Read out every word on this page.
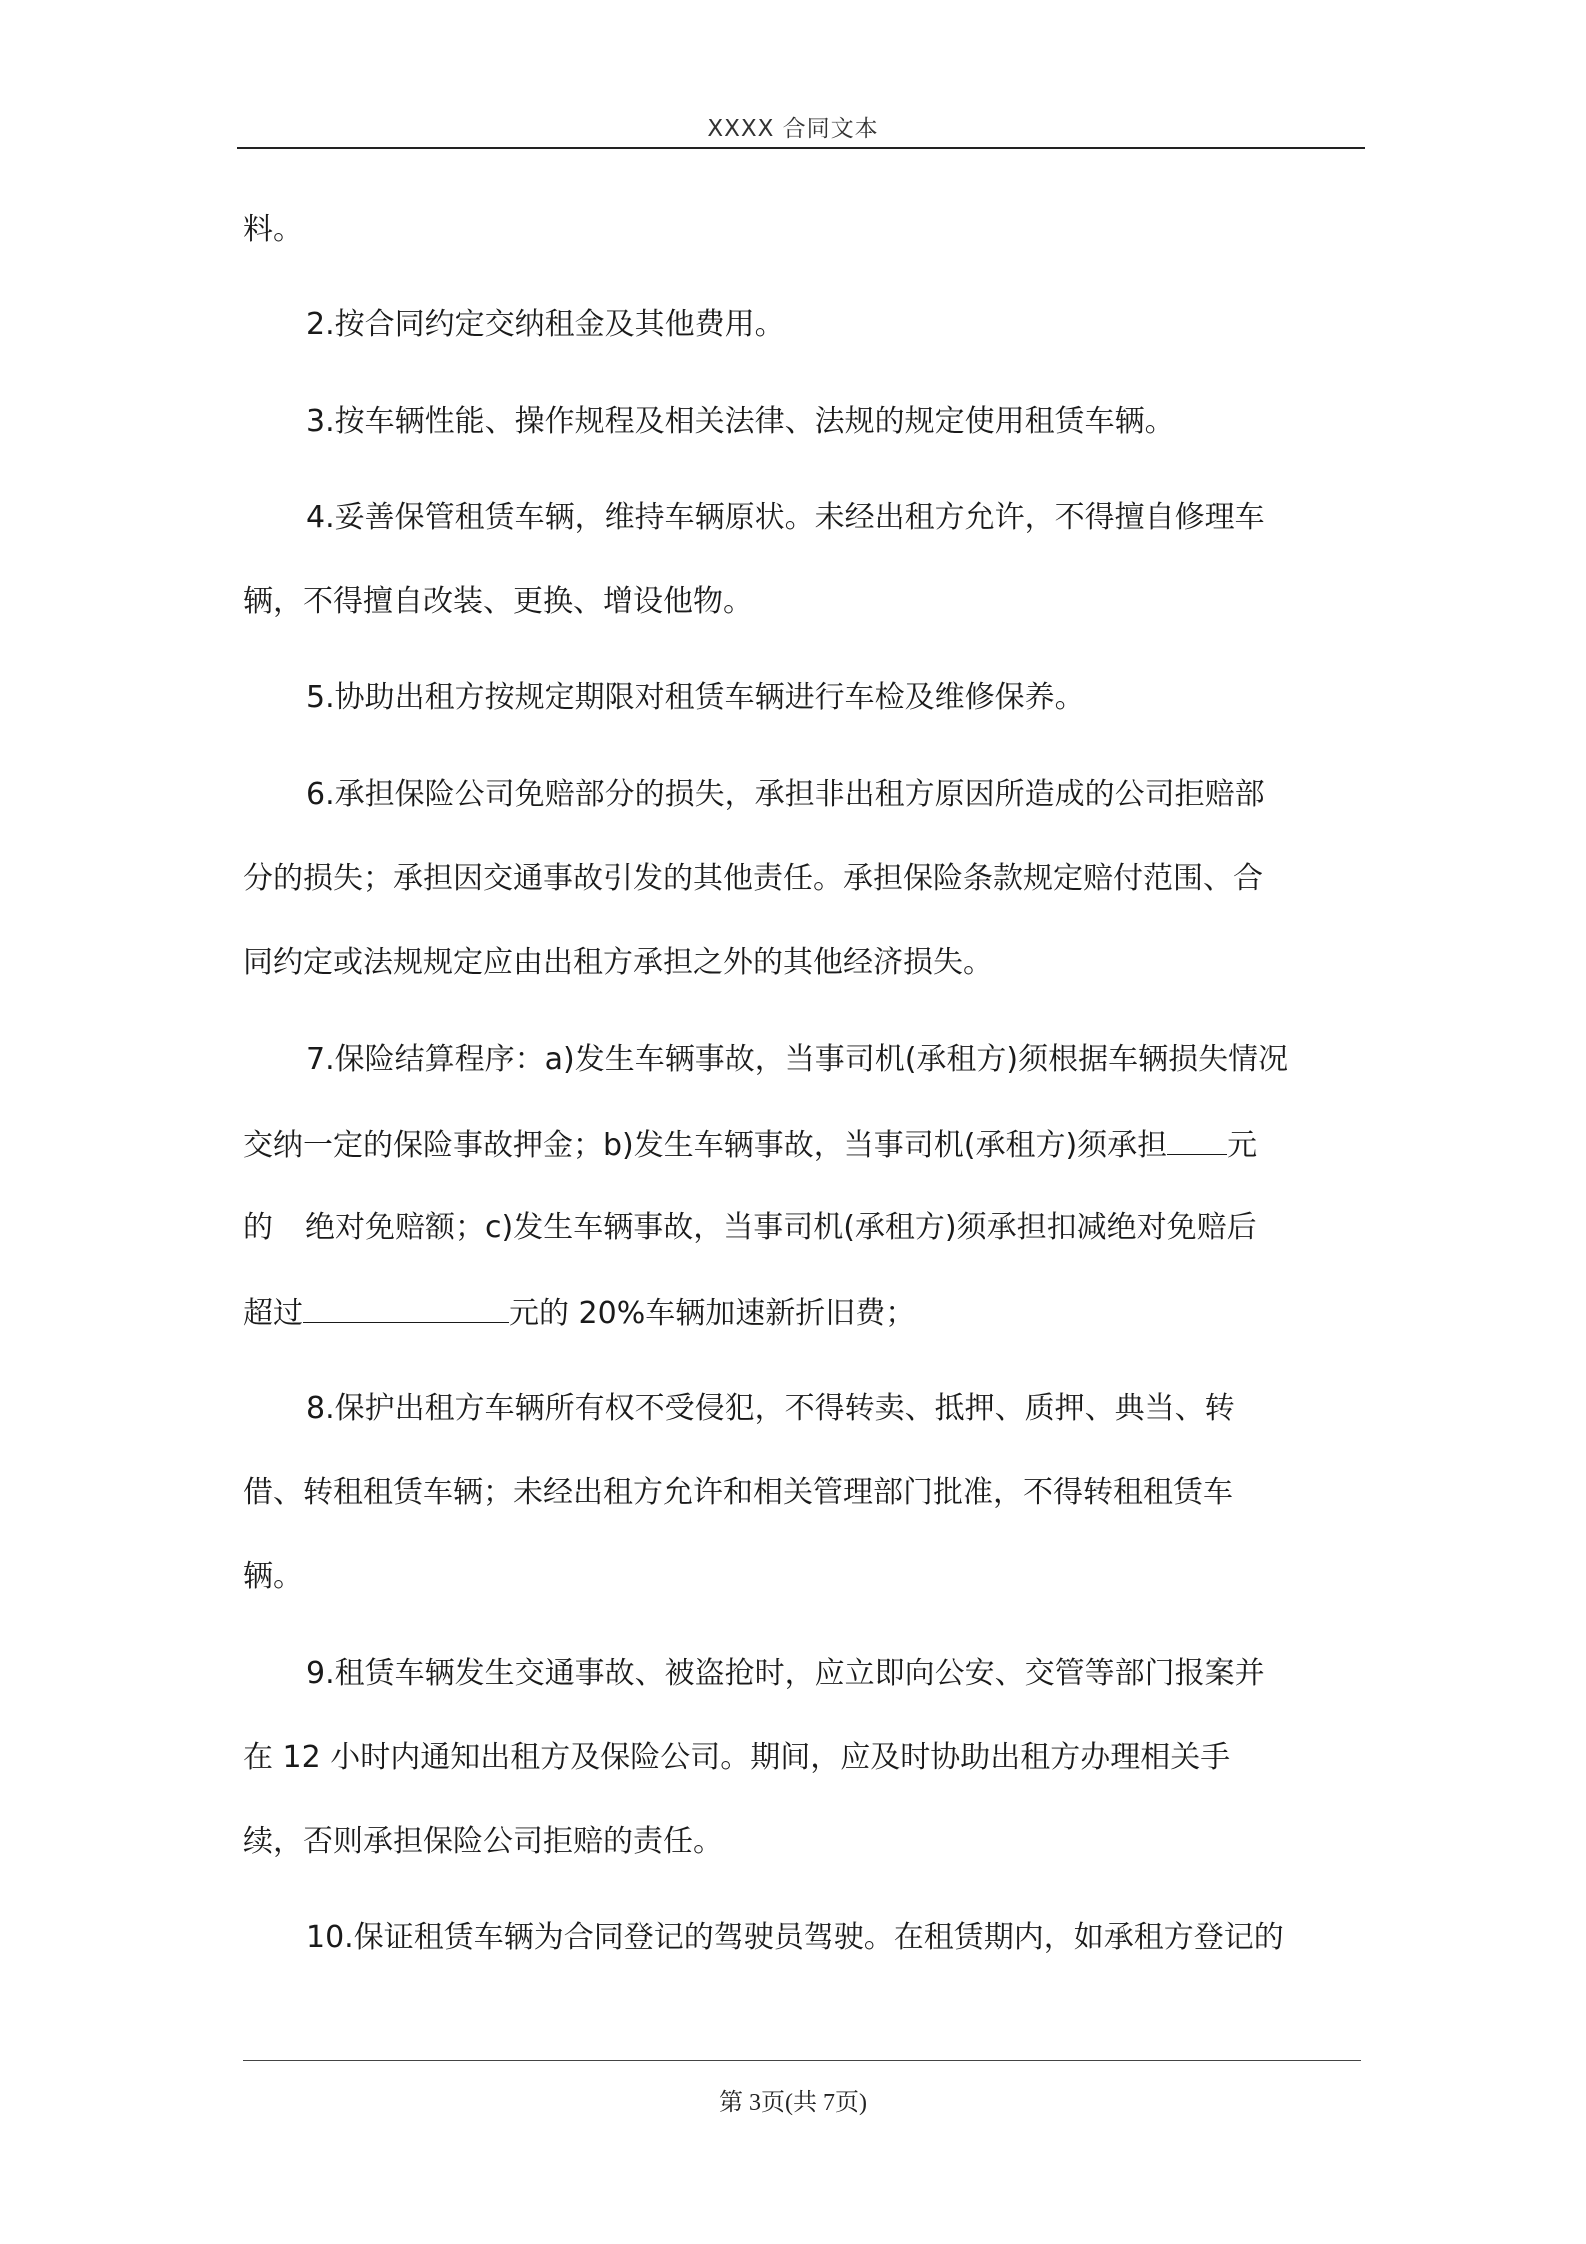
XXXX 合同文本
料。
2.按合同约定交纳租金及其他费用。
3.按车辆性能、操作规程及相关法律、法规的规定使用租赁车辆。
4.妥善保管租赁车辆，维持车辆原状。未经出租方允许，不得擅自修理车
辆，不得擅自改装、更换、增设他物。
5.协助出租方按规定期限对租赁车辆进行车检及维修保养。
6.承担保险公司免赔部分的损失，承担非出租方原因所造成的公司拒赔部
分的损失；承担因交通事故引发的其他责任。承担保险条款规定赔付范围、合
同约定或法规规定应由出租方承担之外的其他经济损失。
7.保险结算程序：a)发生车辆事故，当事司机(承租方)须根据车辆损失情况
交纳一定的保险事故押金；b)发生车辆事故，当事司机(承租方)须承担 元
的 绝对免赔额；c)发生车辆事故，当事司机(承租方)须承担扣减绝对免赔后
超过	元的 20%车辆加速新折旧费；
8.保护出租方车辆所有权不受侵犯，不得转卖、抵押、质押、典当、转
借、转租租赁车辆；未经出租方允许和相关管理部门批准，不得转租租赁车
辆。
9.租赁车辆发生交通事故、被盗抢时，应立即向公安、交管等部门报案并
在 12 小时内通知出租方及保险公司。期间，应及时协助出租方办理相关手
续，否则承担保险公司拒赔的责任。
10.保证租赁车辆为合同登记的驾驶员驾驶。在租赁期内，如承租方登记的
第 3页(共 7页)
